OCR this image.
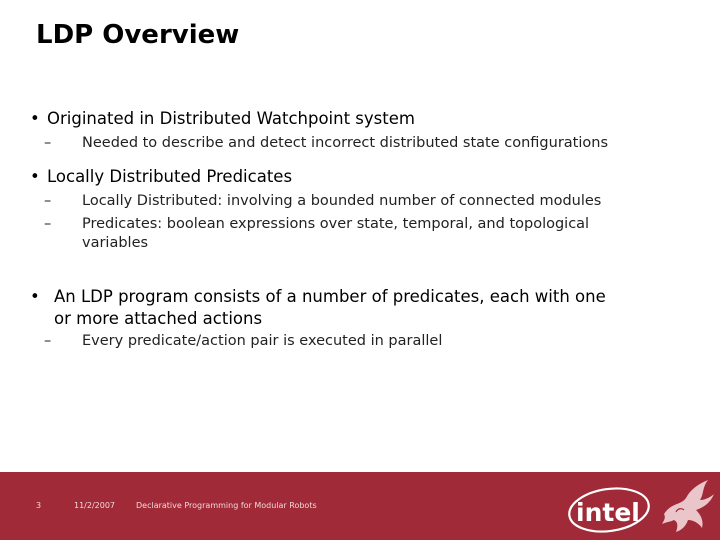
LDP Overview
• Originated in Distributed Watchpoint system
– Needed to describe and detect incorrect distributed state configurations
• Locally Distributed Predicates
– Locally Distributed: involving a bounded number of connected modules
– Predicates: boolean expressions over state, temporal, and topological variables
• An LDP program consists of a number of predicates, each with one
or more attached actions
– Every predicate/action pair is executed in parallel
3	11/2/2007	Declarative Programming for Modular Robots	intel
